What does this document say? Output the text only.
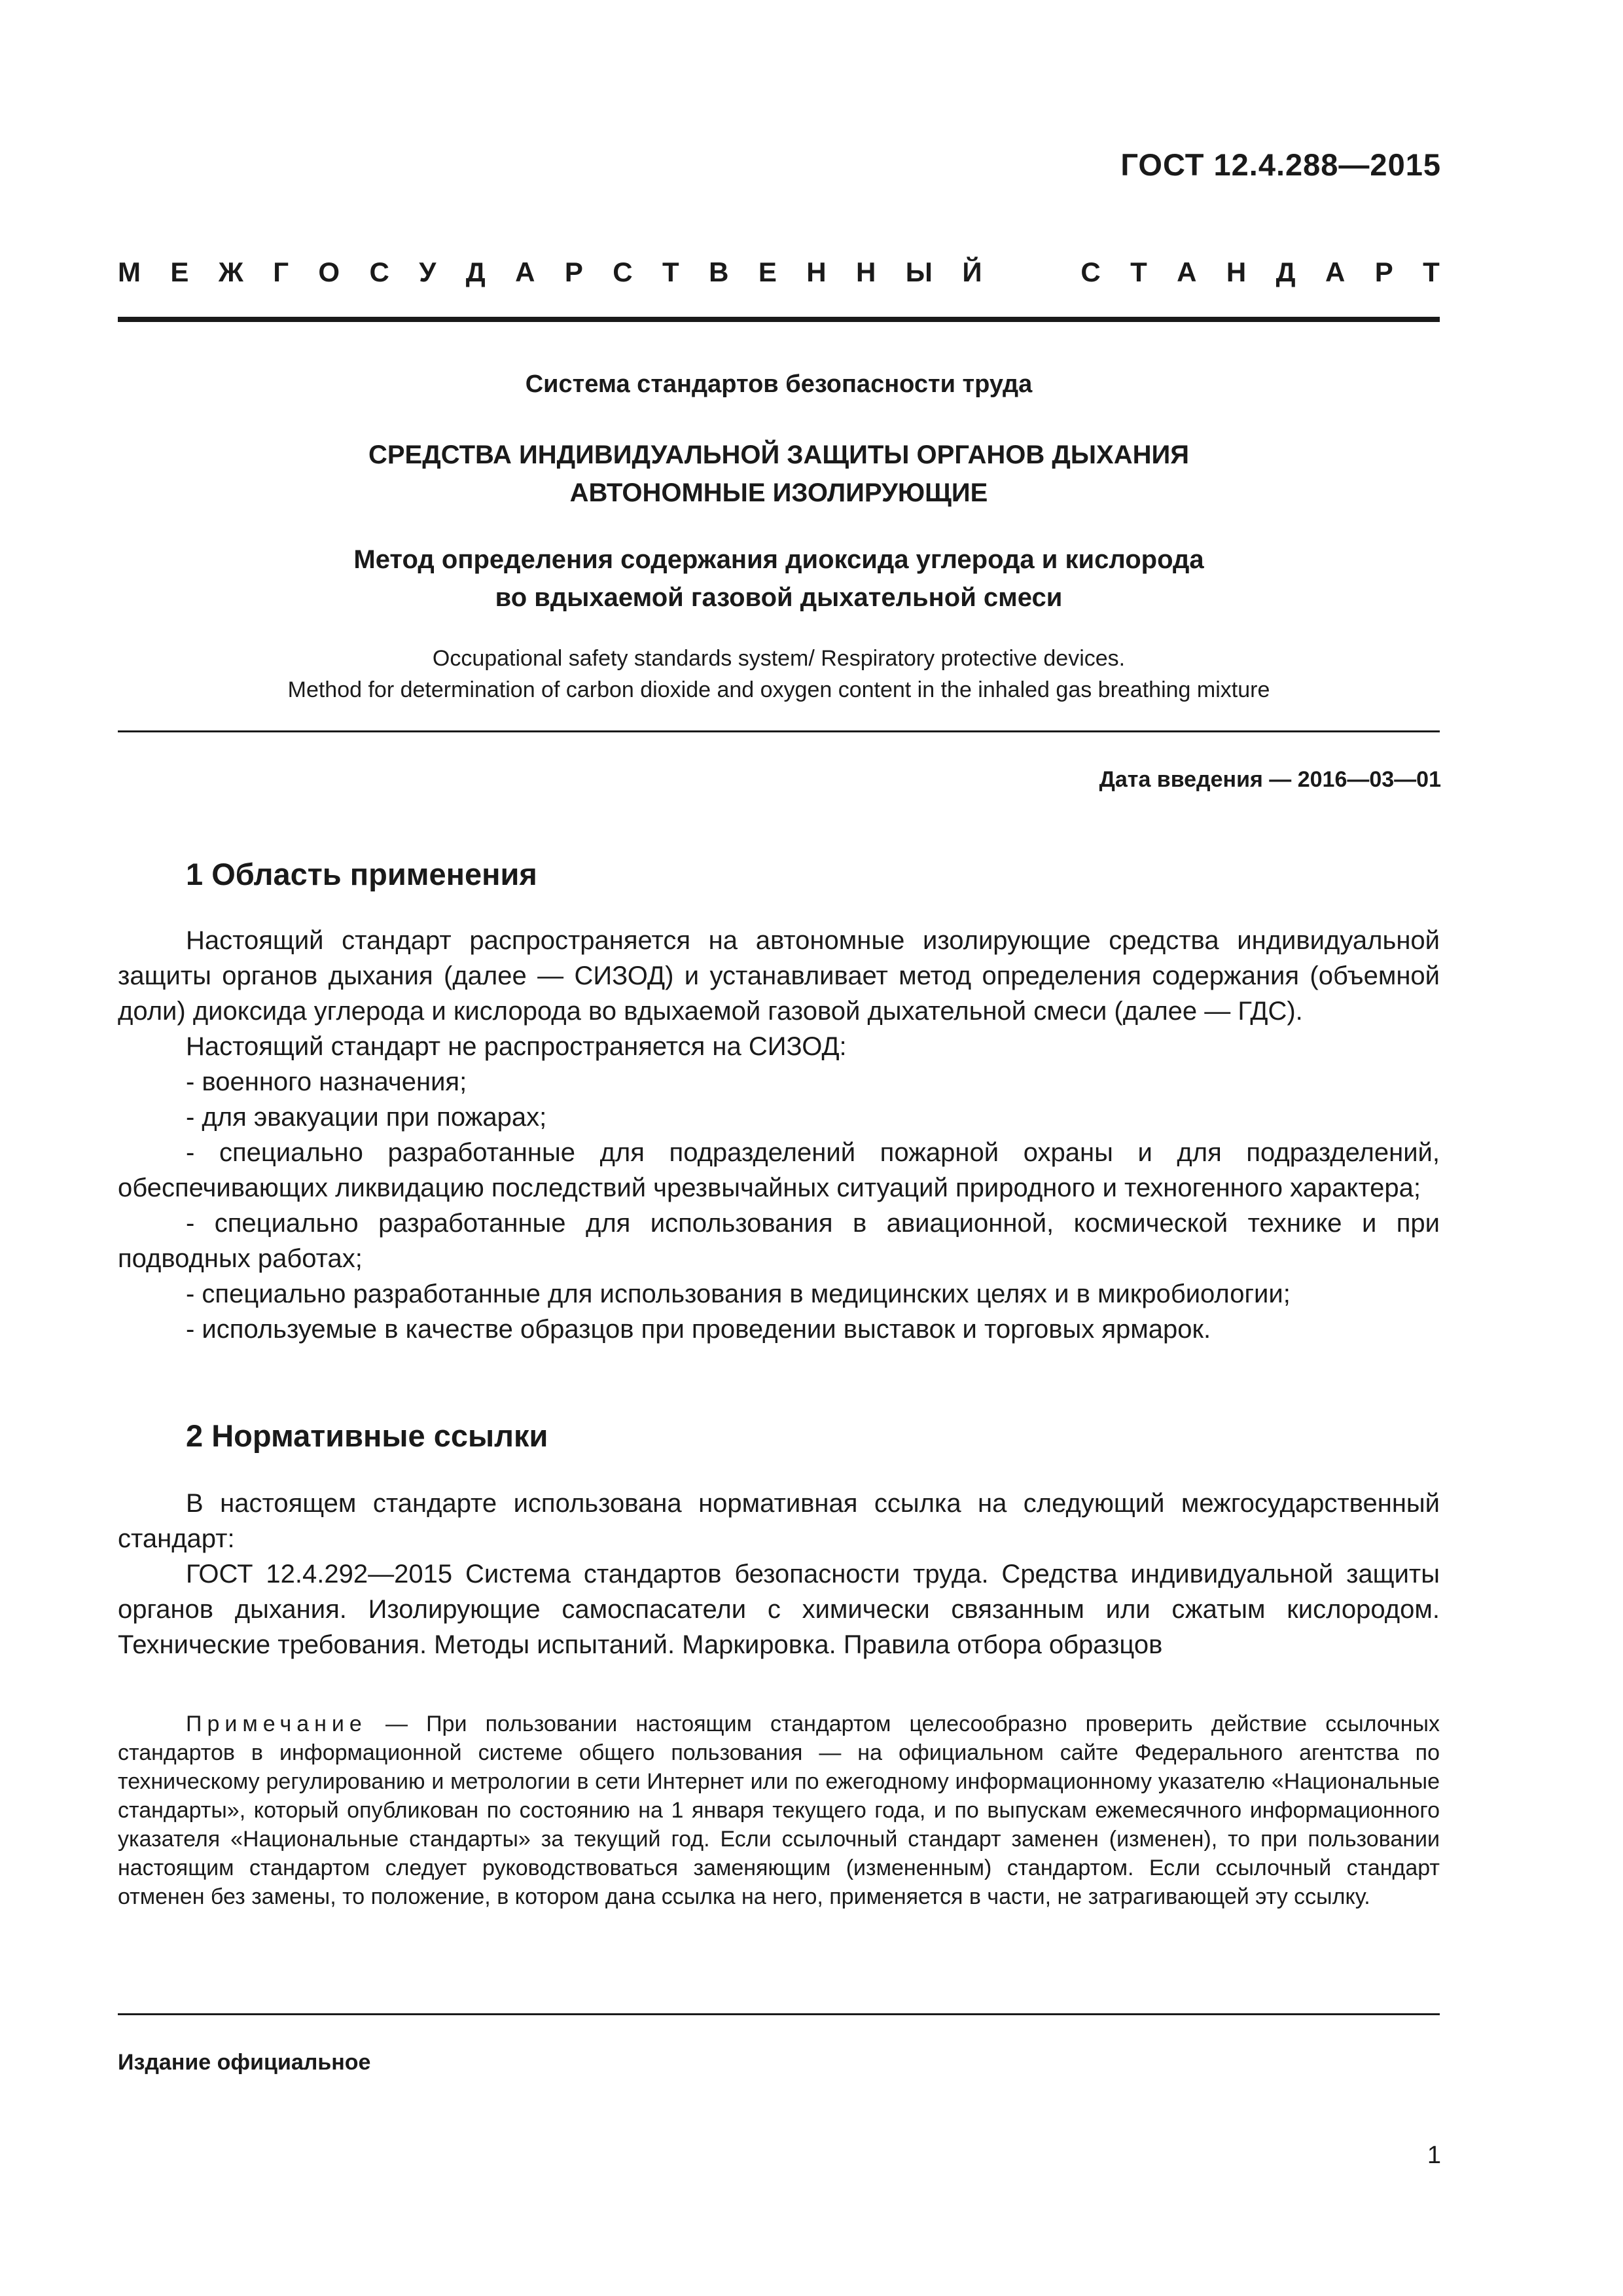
ГОСТ 12.4.288—2015
М Е Ж Г О С У Д А Р С Т В Е Н Н Ы Й	С Т А Н Д А Р Т
Система стандартов безопасности труда
СРЕДСТВА ИНДИВИДУАЛЬНОЙ ЗАЩИТЫ ОРГАНОВ ДЫХАНИЯ
АВТОНОМНЫЕ ИЗОЛИРУЮЩИЕ
Метод определения содержания диоксида углерода и кислорода
во вдыхаемой газовой дыхательной смеси
Occupational safety standards system/ Respiratory protective devices.
Method for determination of carbon dioxide and oxygen content in the inhaled gas breathing mixture
Дата введения — 2016—03—01
1 Область применения

Настоящий стандарт распространяется на автономные изолирующие средства индивидуальной защиты органов дыхания (далее — СИЗОД) и устанавливает метод определения содержания (объемной доли) диоксида углерода и кислорода во вдыхаемой газовой дыхательной смеси (далее — ГДС).

Настоящий стандарт не распространяется на СИЗОД:

- военного назначения;

- для эвакуации при пожарах;

- специально разработанные для подразделений пожарной охраны и для подразделений, обеспечивающих ликвидацию последствий чрезвычайных ситуаций природного и техногенного характера;

- специально разработанные для использования в авиационной, космической технике и при подводных работах;

- специально разработанные для использования в медицинских целях и в микробиологии;

- используемые в качестве образцов при проведении выставок и торговых ярмарок.

2 Нормативные ссылки

В настоящем стандарте использована нормативная ссылка на следующий межгосударственный стандарт:

ГОСТ 12.4.292—2015 Система стандартов безопасности труда. Средства индивидуальной защиты органов дыхания. Изолирующие самоспасатели с химически связанным или сжатым кислородом. Технические требования. Методы испытаний. Маркировка. Правила отбора образцов

Примечание — При пользовании настоящим стандартом целесообразно проверить действие ссылочных стандартов в информационной системе общего пользования — на официальном сайте Федерального агентства по техническому регулированию и метрологии в сети Интернет или по ежегодному информационному указателю «Национальные стандарты», который опубликован по состоянию на 1 января текущего года, и по выпускам ежемесячного информационного указателя «Национальные стандарты» за текущий год. Если ссылочный стандарт заменен (изменен), то при пользовании настоящим стандартом следует руководствоваться заменяющим (измененным) стандартом. Если ссылочный стандарт отменен без замены, то положение, в котором дана ссылка на него, применяется в части, не затрагивающей эту ссылку.
Издание официальное
1
